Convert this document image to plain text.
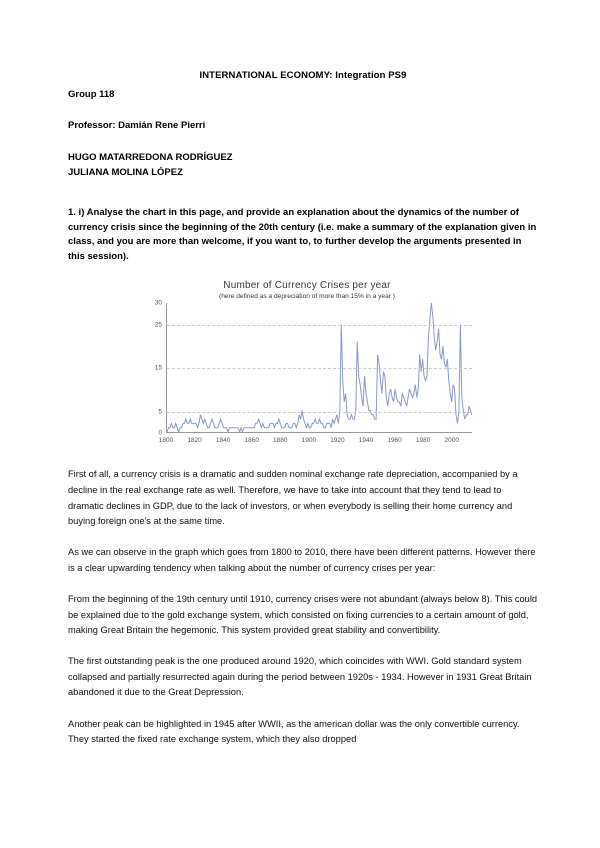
INTERNATIONAL ECONOMY: Integration PS9

Group 118

Professor: Damián Rene Pierri

HUGO MATARREDONA RODRÍGUEZ

JULIANA MOLINA LÓPEZ

1. i) Analyse the chart in this page, and provide an explanation about the dynamics of the number of currency crisis since the beginning of the 20th century (i.e. make a summary of the explanation given in class, and you are more than welcome, if you want to, to further develop the arguments presented in this session).

Number of Currency Crises per year

(here defined as a depreciation of more than 15% in a year )

0
5
15
25
30
1800 1820 1840 1860 1880 1900 1920 1940 1960 1980 2000

First of all, a currency crisis is a dramatic and sudden nominal exchange rate depreciation, accompanied by a decline in the real exchange rate as well. Therefore, we have to take into account that they tend to lead to dramatic declines in GDP, due to the lack of investors, or when everybody is selling their home currency and buying foreign one's at the same time.

As we can observe in the graph which goes from 1800 to 2010, there have been different patterns. However there is a clear upwarding tendency when talking about the number of currency crises per year:

From the beginning of the 19th century until 1910, currency crises were not abundant (always below 8). This could be explained due to the gold exchange system, which consisted on fixing currencies to a certain amount of gold, making Great Britain the hegemonic. This system provided great stability and convertibility.

The first outstanding peak is the one produced around 1920, which coincides with WWI. Gold standard system collapsed and partially resurrected again during the period between 1920s - 1934. However in 1931 Great Britain abandoned it due to the Great Depression.

Another peak can be highlighted in 1945 after WWII, as the american dollar was the only convertible currency. They started the fixed rate exchange system, which they also dropped
